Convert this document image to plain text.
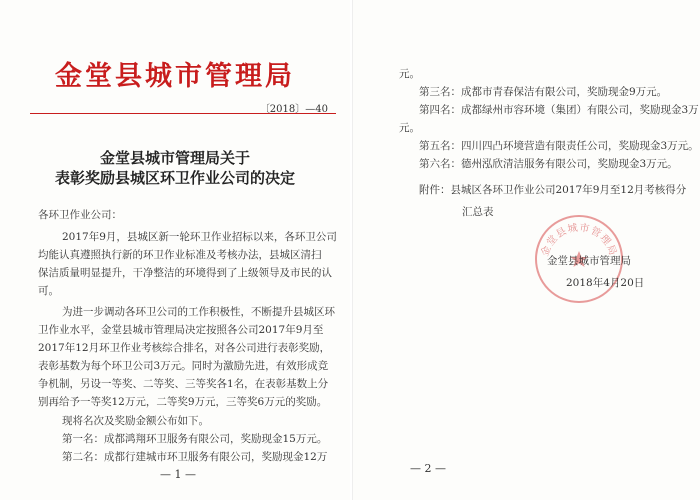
金堂县城市管理局
〔2018〕—40
金堂县城市管理局关于
表彰奖励县城区环卫作业公司的决定
各环卫作业公司：
2017年9月，县城区新一轮环卫作业招标以来，各环卫公司
均能认真遵照执行新的环卫作业标准及考核办法，县城区清扫
保洁质量明显提升，干净整洁的环境得到了上级领导及市民的认
可。
为进一步调动各环卫公司的工作积极性，不断提升县城区环
卫作业水平，金堂县城市管理局决定按照各公司2017年9月至
2017年12月环卫作业考核综合排名，对各公司进行表彰奖励，
表彰基数为每个环卫公司3万元。同时为激励先进，有效形成竞
争机制，另设一等奖、二等奖、三等奖各1名，在表彰基数上分
别再给予一等奖12万元，二等奖9万元，三等奖6万元的奖励。
现将名次及奖励金额公布如下。
第一名：成都鸿翔环卫服务有限公司，奖励现金15万元。
第二名：成都行建城市环卫服务有限公司，奖励现金12万
— 1 —
元。
第三名：成都市青春保洁有限公司，奖励现金9万元。
第四名：成都绿州市容环境（集团）有限公司，奖励现金3万
元。
第五名：四川四凸环境营造有限责任公司，奖励现金3万元。
第六名：德州泓欣清洁服务有限公司，奖励现金3万元。
附件：县城区各环卫作业公司2017年9月至12月考核得分
汇总表
金堂县城市管理局
金堂县城市管理局
2018年4月20日
— 2 —
